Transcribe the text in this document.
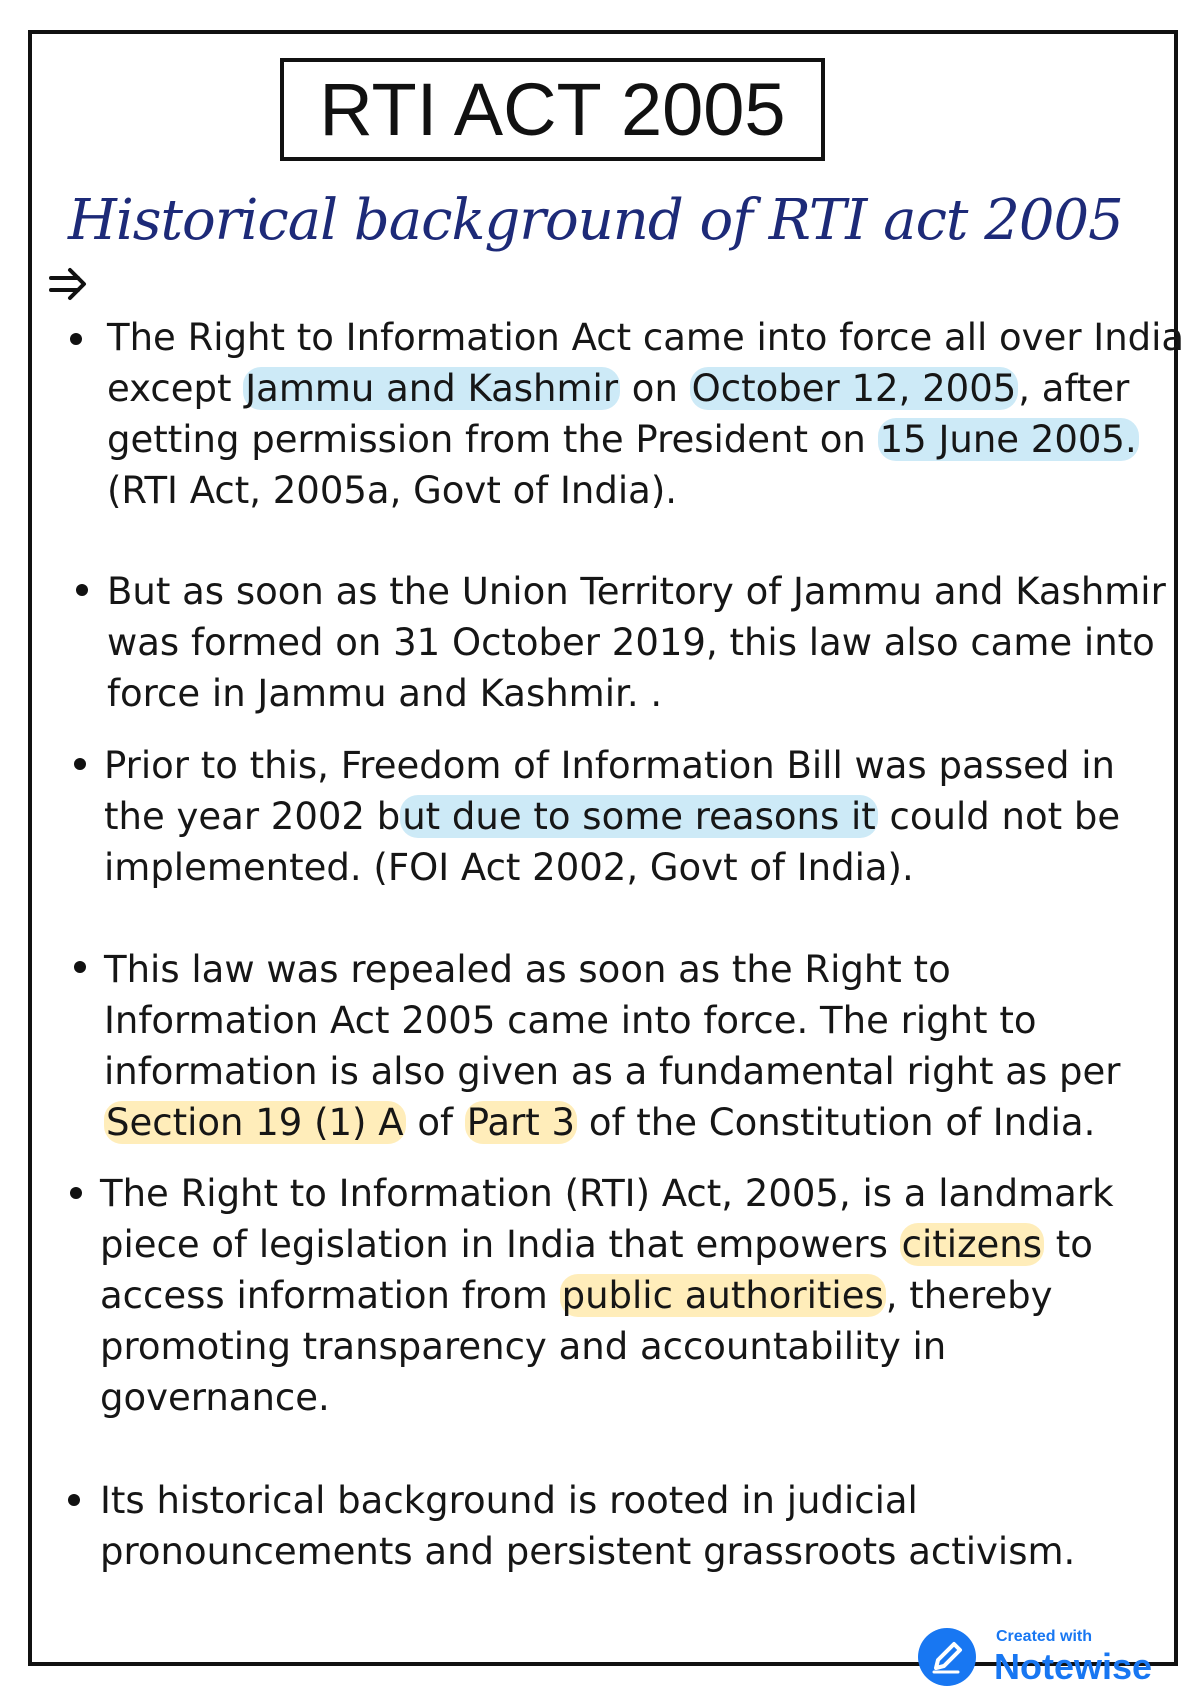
RTI ACT 2005
Historical background of RTI act 2005
The Right to Information Act came into force all over India
except Jammu and Kashmir on October 12, 2005, after
getting permission from the President on 15 June 2005.
(RTI Act, 2005a, Govt of India).
But as soon as the Union Territory of Jammu and Kashmir
was formed on 31 October 2019, this law also came into
force in Jammu and Kashmir. .
Prior to this, Freedom of Information Bill was passed in
the year 2002 but due to some reasons it could not be
implemented. (FOI Act 2002, Govt of India).
This law was repealed as soon as the Right to
Information Act 2005 came into force. The right to
information is also given as a fundamental right as per
Section 19 (1) A of Part 3 of the Constitution of India.
The Right to Information (RTI) Act, 2005, is a landmark
piece of legislation in India that empowers citizens to
access information from public authorities, thereby
promoting transparency and accountability in
governance.
Its historical background is rooted in judicial
pronouncements and persistent grassroots activism.
Created with
Notewise
